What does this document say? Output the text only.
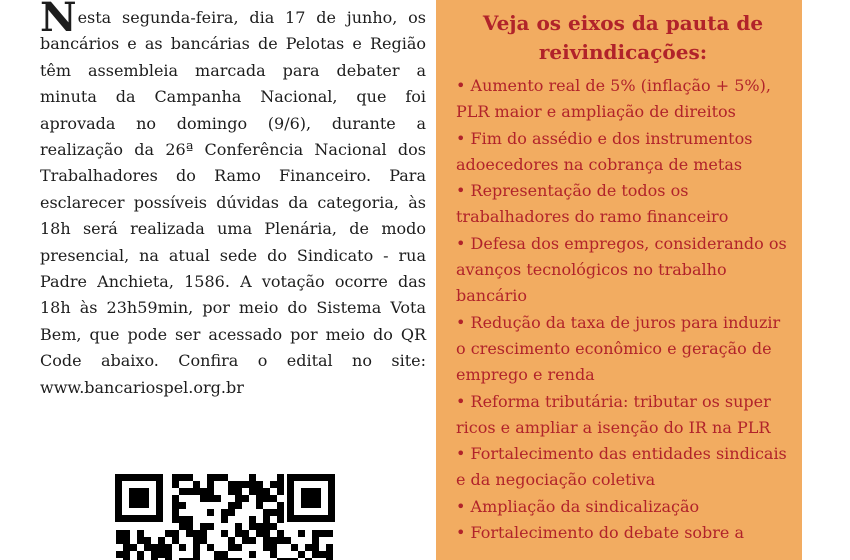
Nesta segunda-feira, dia 17 de junho, os bancários e as bancárias de Pelotas e Região têm assembleia marcada para debater a minuta da Campanha Nacional, que foi aprovada no domingo (9/6), durante a realização da 26ª Conferência Nacional dos Trabalhadores do Ramo Financeiro. Para esclarecer possíveis dúvidas da categoria, às 18h será realizada uma Plenária, de modo presencial, na atual sede do Sindicato - rua Padre Anchieta, 1586. A votação ocorre das 18h às 23h59min, por meio do Sistema Vota Bem, que pode ser acessado por meio do QR Code abaixo. Confira o edital no site: www.bancariospel.org.br

Veja os eixos da pauta de reivindicações:
• Aumento real de 5% (inflação + 5%), PLR maior e ampliação de direitos
• Fim do assédio e dos instrumentos adoecedores na cobrança de metas
• Representação de todos os trabalhadores do ramo financeiro
• Defesa dos empregos, considerando os avanços tecnológicos no trabalho bancário
• Redução da taxa de juros para induzir o crescimento econômico e geração de emprego e renda
• Reforma tributária: tributar os super ricos e ampliar a isenção do IR na PLR
• Fortalecimento das entidades sindicais e da negociação coletiva
• Ampliação da sindicalização
• Fortalecimento do debate sobre a
